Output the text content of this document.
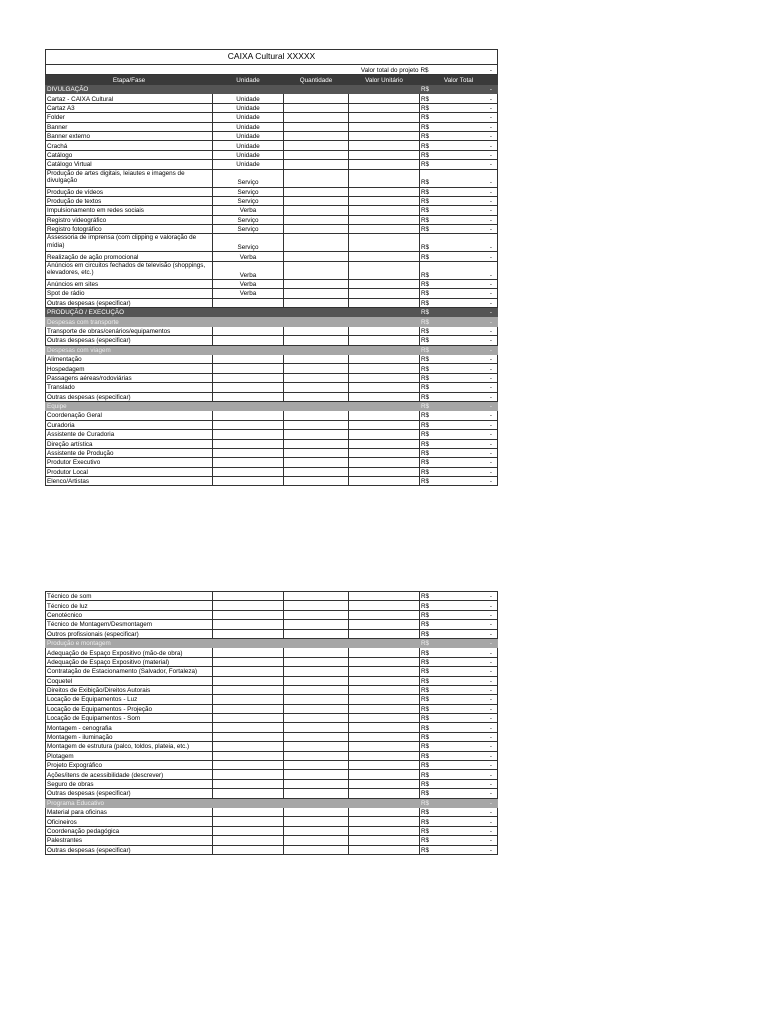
CAIXA Cultural XXXXX				
			Valor total do projeto	R$ -

Etapa/Fase	Unidade	Quantidade	Valor Unitário	Valor Total
DIVULGAÇÃO				R$ -

Cartaz - CAIXA Cultural	Unidade			R$ -

Cartaz A3	Unidade			R$ -

Folder	Unidade			R$ -

Banner	Unidade			R$ -

Banner externo	Unidade			R$ -

Crachá	Unidade			R$ -

Catálogo	Unidade			R$ -

Catálogo Virtual	Unidade			R$ -

Produção de artes digitais, leiautes e imagens de divulgação	Serviço			R$ -

Produção de vídeos	Serviço			R$ -

Produção de textos	Serviço			R$ -

Impulsionamento em redes sociais	Verba			R$ -

Registro videográfico	Serviço			R$ -

Registro fotográfico	Serviço			R$ -

Assessoria de imprensa (com clipping e valoração de mídia)	Serviço			R$ -

Realização de ação promocional	Verba			R$ -

Anúncios em circuitos fechados de televisão (shoppings, elevadores, etc.)	Verba			R$ -

Anúncios em sites	Verba			R$ -

Spot de rádio	Verba			R$ -

Outras despesas (especificar)				R$ -

PRODUÇÃO / EXECUÇÃO				R$ -

Despesas com transporte				R$ -

Transporte de obras/cenários/equipamentos				R$ -

Outras despesas (especificar)				R$ -

Despesas com viagem				R$ -

Alimentação				R$ -

Hospedagem				R$ -

Passagens aéreas/rodoviárias				R$ -

Translado				R$ -

Outras despesas (especificar)				R$ -

Equipe				R$ -

Coordenação Geral				R$ -

Curadoria				R$ -

Assistente de Curadoria				R$ -

Direção artística				R$ -

Assistente de Produção				R$ -

Produtor Executivo				R$ -

Produtor Local				R$ -

Elenco/Artistas				R$ -
Técnico de som				R$ -

Técnico de luz				R$ -

Cenotécnico				R$ -

Técnico de Montagem/Desmontagem				R$ -

Outros profissionais (especificar)				R$ -

Produção e montagem				R$ -

Adequação de Espaço Expositivo (mão-de obra)				R$ -

Adequação de Espaço Expositivo (material)				R$ -

Contratação de Estacionamento (Salvador, Fortaleza)				R$ -

Coquetel				R$ -

Direitos de Exibição/Direitos Autorais				R$ -

Locação de Equipamentos - Luz				R$ -

Locação de Equipamentos - Projeção				R$ -

Locação de Equipamentos - Som				R$ -

Montagem - cenografia				R$ -

Montagem - iluminação				R$ -

Montagem de estrutura (palco, toldos, plateia, etc.)				R$ -

Plotagem				R$ -

Projeto Expográfico				R$ -

Ações/itens de acessibilidade (descrever)				R$ -

Seguro de obras				R$ -

Outras despesas (especificar)				R$ -

Programa Educativo				R$ -

Material para oficinas				R$ -

Oficineiros				R$ -

Coordenação pedagógica				R$ -

Palestrantes				R$ -

Outras despesas (especificar)				R$ -
